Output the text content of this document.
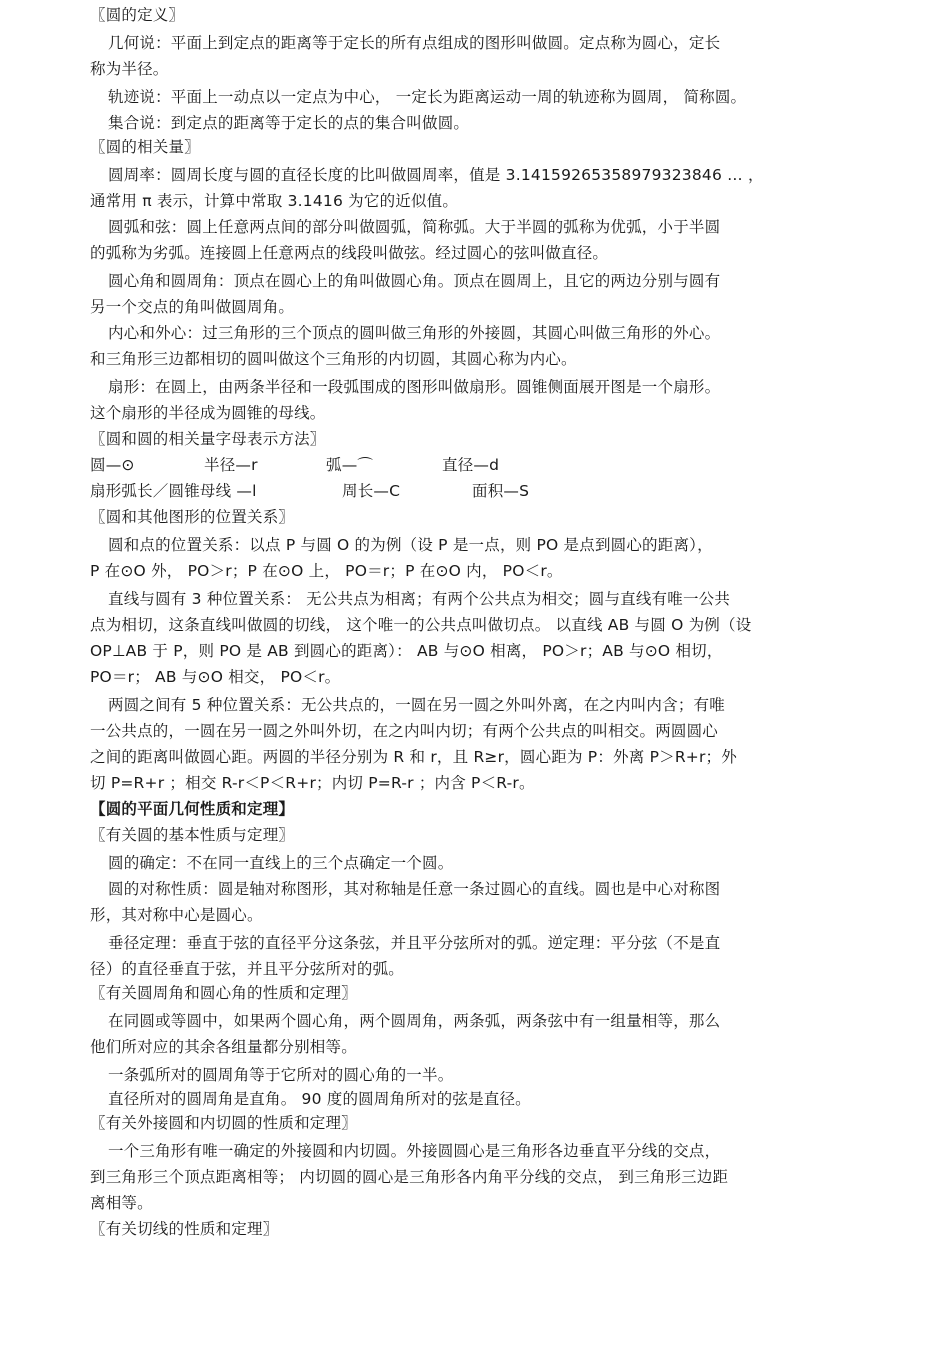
〖圆的定义〗
几何说：平面上到定点的距离等于定长的所有点组成的图形叫做圆。定点称为圆心，定长
称为半径。
轨迹说：平面上一动点以一定点为中心， 一定长为距离运动一周的轨迹称为圆周， 简称圆。
集合说：到定点的距离等于定长的点的集合叫做圆。
〖圆的相关量〗
圆周率：圆周长度与圆的直径长度的比叫做圆周率，值是 3.14159265358979323846 … ，
通常用 π 表示，计算中常取 3.1416 为它的近似值。
圆弧和弦：圆上任意两点间的部分叫做圆弧，简称弧。大于半圆的弧称为优弧，小于半圆
的弧称为劣弧。连接圆上任意两点的线段叫做弦。经过圆心的弦叫做直径。
圆心角和圆周角：顶点在圆心上的角叫做圆心角。顶点在圆周上，且它的两边分别与圆有
另一个交点的角叫做圆周角。
内心和外心：过三角形的三个顶点的圆叫做三角形的外接圆，其圆心叫做三角形的外心。
和三角形三边都相切的圆叫做这个三角形的内切圆，其圆心称为内心。
扇形：在圆上，由两条半径和一段弧围成的图形叫做扇形。圆锥侧面展开图是一个扇形。
这个扇形的半径成为圆锥的母线。
〖圆和圆的相关量字母表示方法〗
圆—⊙	半径—r	弧—⌒	直径—d
扇形弧长／圆锥母线 —l	周长—C	面积—S
〖圆和其他图形的位置关系〗
圆和点的位置关系：以点 P 与圆 O 的为例（设 P 是一点，则 PO 是点到圆心的距离），
P 在⊙O 外， PO＞r；P 在⊙O 上， PO＝r；P 在⊙O 内， PO＜r。
直线与圆有 3 种位置关系： 无公共点为相离；有两个公共点为相交；圆与直线有唯一公共
点为相切，这条直线叫做圆的切线， 这个唯一的公共点叫做切点。 以直线 AB 与圆 O 为例（设
OP⊥AB 于 P，则 PO 是 AB 到圆心的距离）： AB 与⊙O 相离， PO＞r；AB 与⊙O 相切，
PO＝r； AB 与⊙O 相交， PO＜r。
两圆之间有 5 种位置关系：无公共点的，一圆在另一圆之外叫外离，在之内叫内含；有唯
一公共点的，一圆在另一圆之外叫外切，在之内叫内切；有两个公共点的叫相交。两圆圆心
之间的距离叫做圆心距。两圆的半径分别为 R 和 r，且 R≥r，圆心距为 P：外离 P＞R+r；外
切 P=R+r ；相交 R-r＜P＜R+r；内切 P=R-r ；内含 P＜R-r。
【圆的平面几何性质和定理】
〖有关圆的基本性质与定理〗
圆的确定：不在同一直线上的三个点确定一个圆。
圆的对称性质：圆是轴对称图形，其对称轴是任意一条过圆心的直线。圆也是中心对称图
形，其对称中心是圆心。
垂径定理：垂直于弦的直径平分这条弦，并且平分弦所对的弧。逆定理：平分弦（不是直
径）的直径垂直于弦，并且平分弦所对的弧。
〖有关圆周角和圆心角的性质和定理〗
在同圆或等圆中，如果两个圆心角，两个圆周角，两条弧，两条弦中有一组量相等，那么
他们所对应的其余各组量都分别相等。
一条弧所对的圆周角等于它所对的圆心角的一半。
直径所对的圆周角是直角。 90 度的圆周角所对的弦是直径。
〖有关外接圆和内切圆的性质和定理〗
一个三角形有唯一确定的外接圆和内切圆。外接圆圆心是三角形各边垂直平分线的交点，
到三角形三个顶点距离相等； 内切圆的圆心是三角形各内角平分线的交点， 到三角形三边距
离相等。
〖有关切线的性质和定理〗
